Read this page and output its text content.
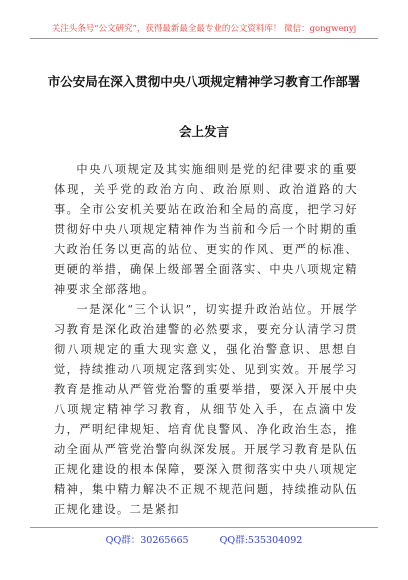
关注头条号“公文研究”，获得最新最全最专业的公文资料库！ 微信：gongwenyj
市公安局在深入贯彻中央八项规定精神学习教育工作部署
会上发言

中央八项规定及其实施细则是党的纪律要求的重要体现，关乎党的政治方向、政治原则、政治道路的大事。全市公安机关要站在政治和全局的高度，把学习好贯彻好中央八项规定精神作为当前和今后一个时期的重大政治任务以更高的站位、更实的作风、更严的标准、更硬的举措，确保上级部署全面落实、中央八项规定精神要求全部落地。

一是深化“三个认识”，切实提升政治站位。开展学习教育是深化政治建警的必然要求，要充分认清学习贯彻八项规定的重大现实意义，强化治警意识、思想自觉，持续推动八项规定落到实处、见到实效。开展学习教育是推动从严管党治警的重要举措，要深入开展中央八项规定精神学习教育，从细节处入手，在点滴中发力，严明纪律规矩、培育优良警风、净化政治生态，推动全面从严管党治警向纵深发展。开展学习教育是队伍正规化建设的根本保障，要深入贯彻落实中央八项规定精神，集中精力解决不正规不规范问题，持续推动队伍正规化建设。二是紧扣

QQ群：30265665	QQ群:535304092
